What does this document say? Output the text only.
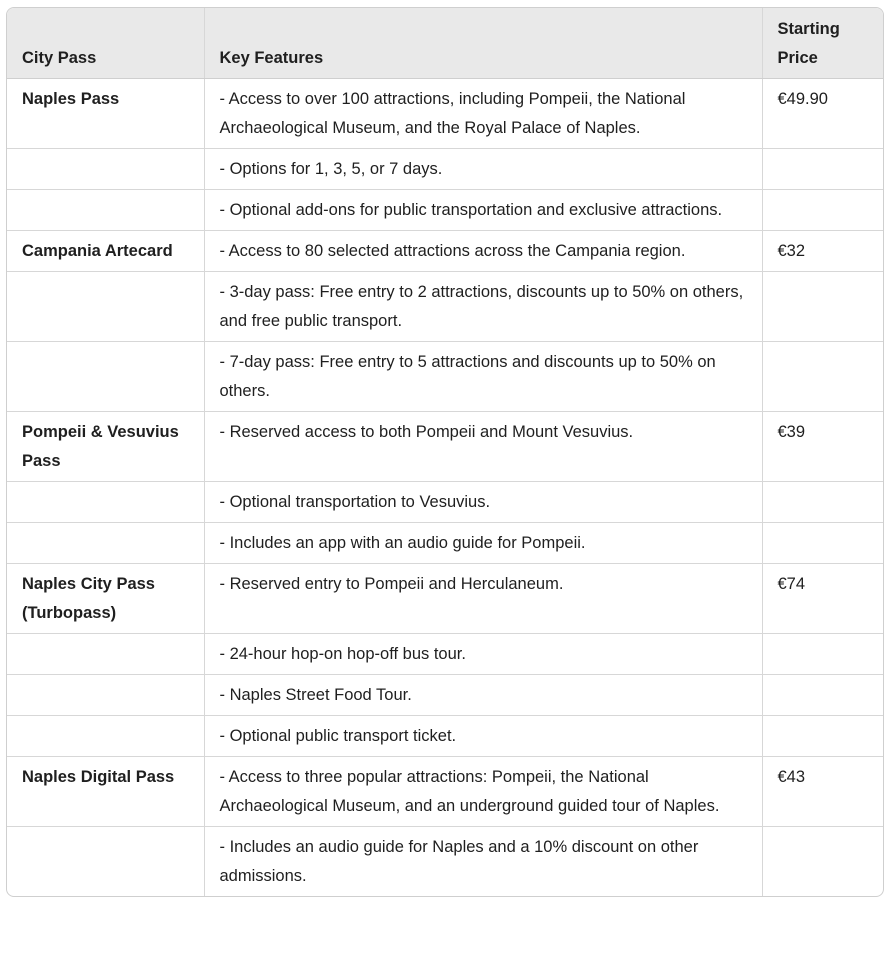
City Pass	Key Features	Starting Price
Naples Pass	- Access to over 100 attractions, including Pompeii, the National Archaeological Museum, and the Royal Palace of Naples.	€49.90
	- Options for 1, 3, 5, or 7 days.	
	- Optional add-ons for public transportation and exclusive attractions.	
Campania Artecard	- Access to 80 selected attractions across the Campania region.	€32
	- 3-day pass: Free entry to 2 attractions, discounts up to 50% on others, and free public transport.	
	- 7-day pass: Free entry to 5 attractions and discounts up to 50% on others.	
Pompeii & Vesuvius Pass	- Reserved access to both Pompeii and Mount Vesuvius.	€39
	- Optional transportation to Vesuvius.	
	- Includes an app with an audio guide for Pompeii.	
Naples City Pass (Turbopass)	- Reserved entry to Pompeii and Herculaneum.	€74
	- 24-hour hop-on hop-off bus tour.	
	- Naples Street Food Tour.	
	- Optional public transport ticket.	
Naples Digital Pass	- Access to three popular attractions: Pompeii, the National Archaeological Museum, and an underground guided tour of Naples.	€43
	- Includes an audio guide for Naples and a 10% discount on other admissions.	
